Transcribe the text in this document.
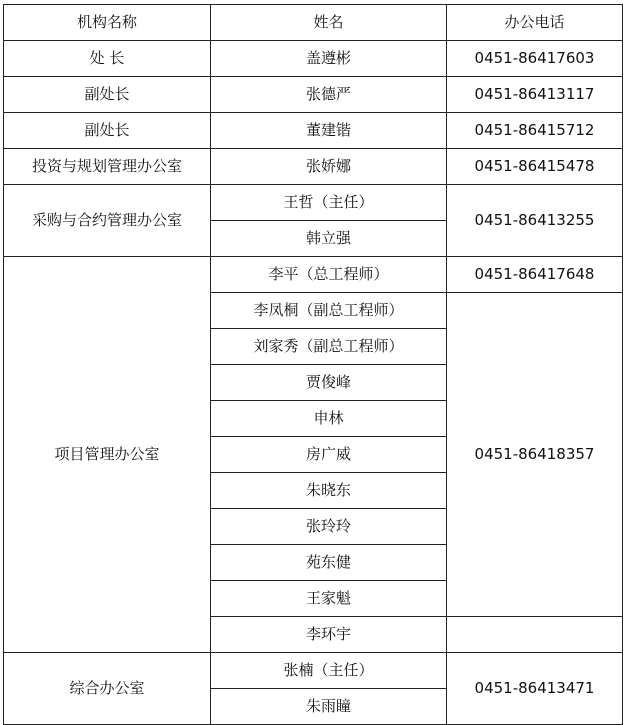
机构名称	姓名	办公电话
处 长	盖遵彬	0451-86417603
副处长	张德严	0451-86413117
副处长	董建锴	0451-86415712
投资与规划管理办公室	张娇娜	0451-86415478
采购与合约管理办公室	王哲（主任）	0451-86413255
	韩立强	
项目管理办公室	李平（总工程师）	0451-86417648
	李凤桐（副总工程师）	0451-86418357
	刘家秀（副总工程师）	
	贾俊峰	
	申林	
	房广威	
	朱晓东	
	张玲玲	
	苑东健	
	王家魁	
	李环宇	
综合办公室	张楠（主任）	0451-86413471
	朱雨瞳	
